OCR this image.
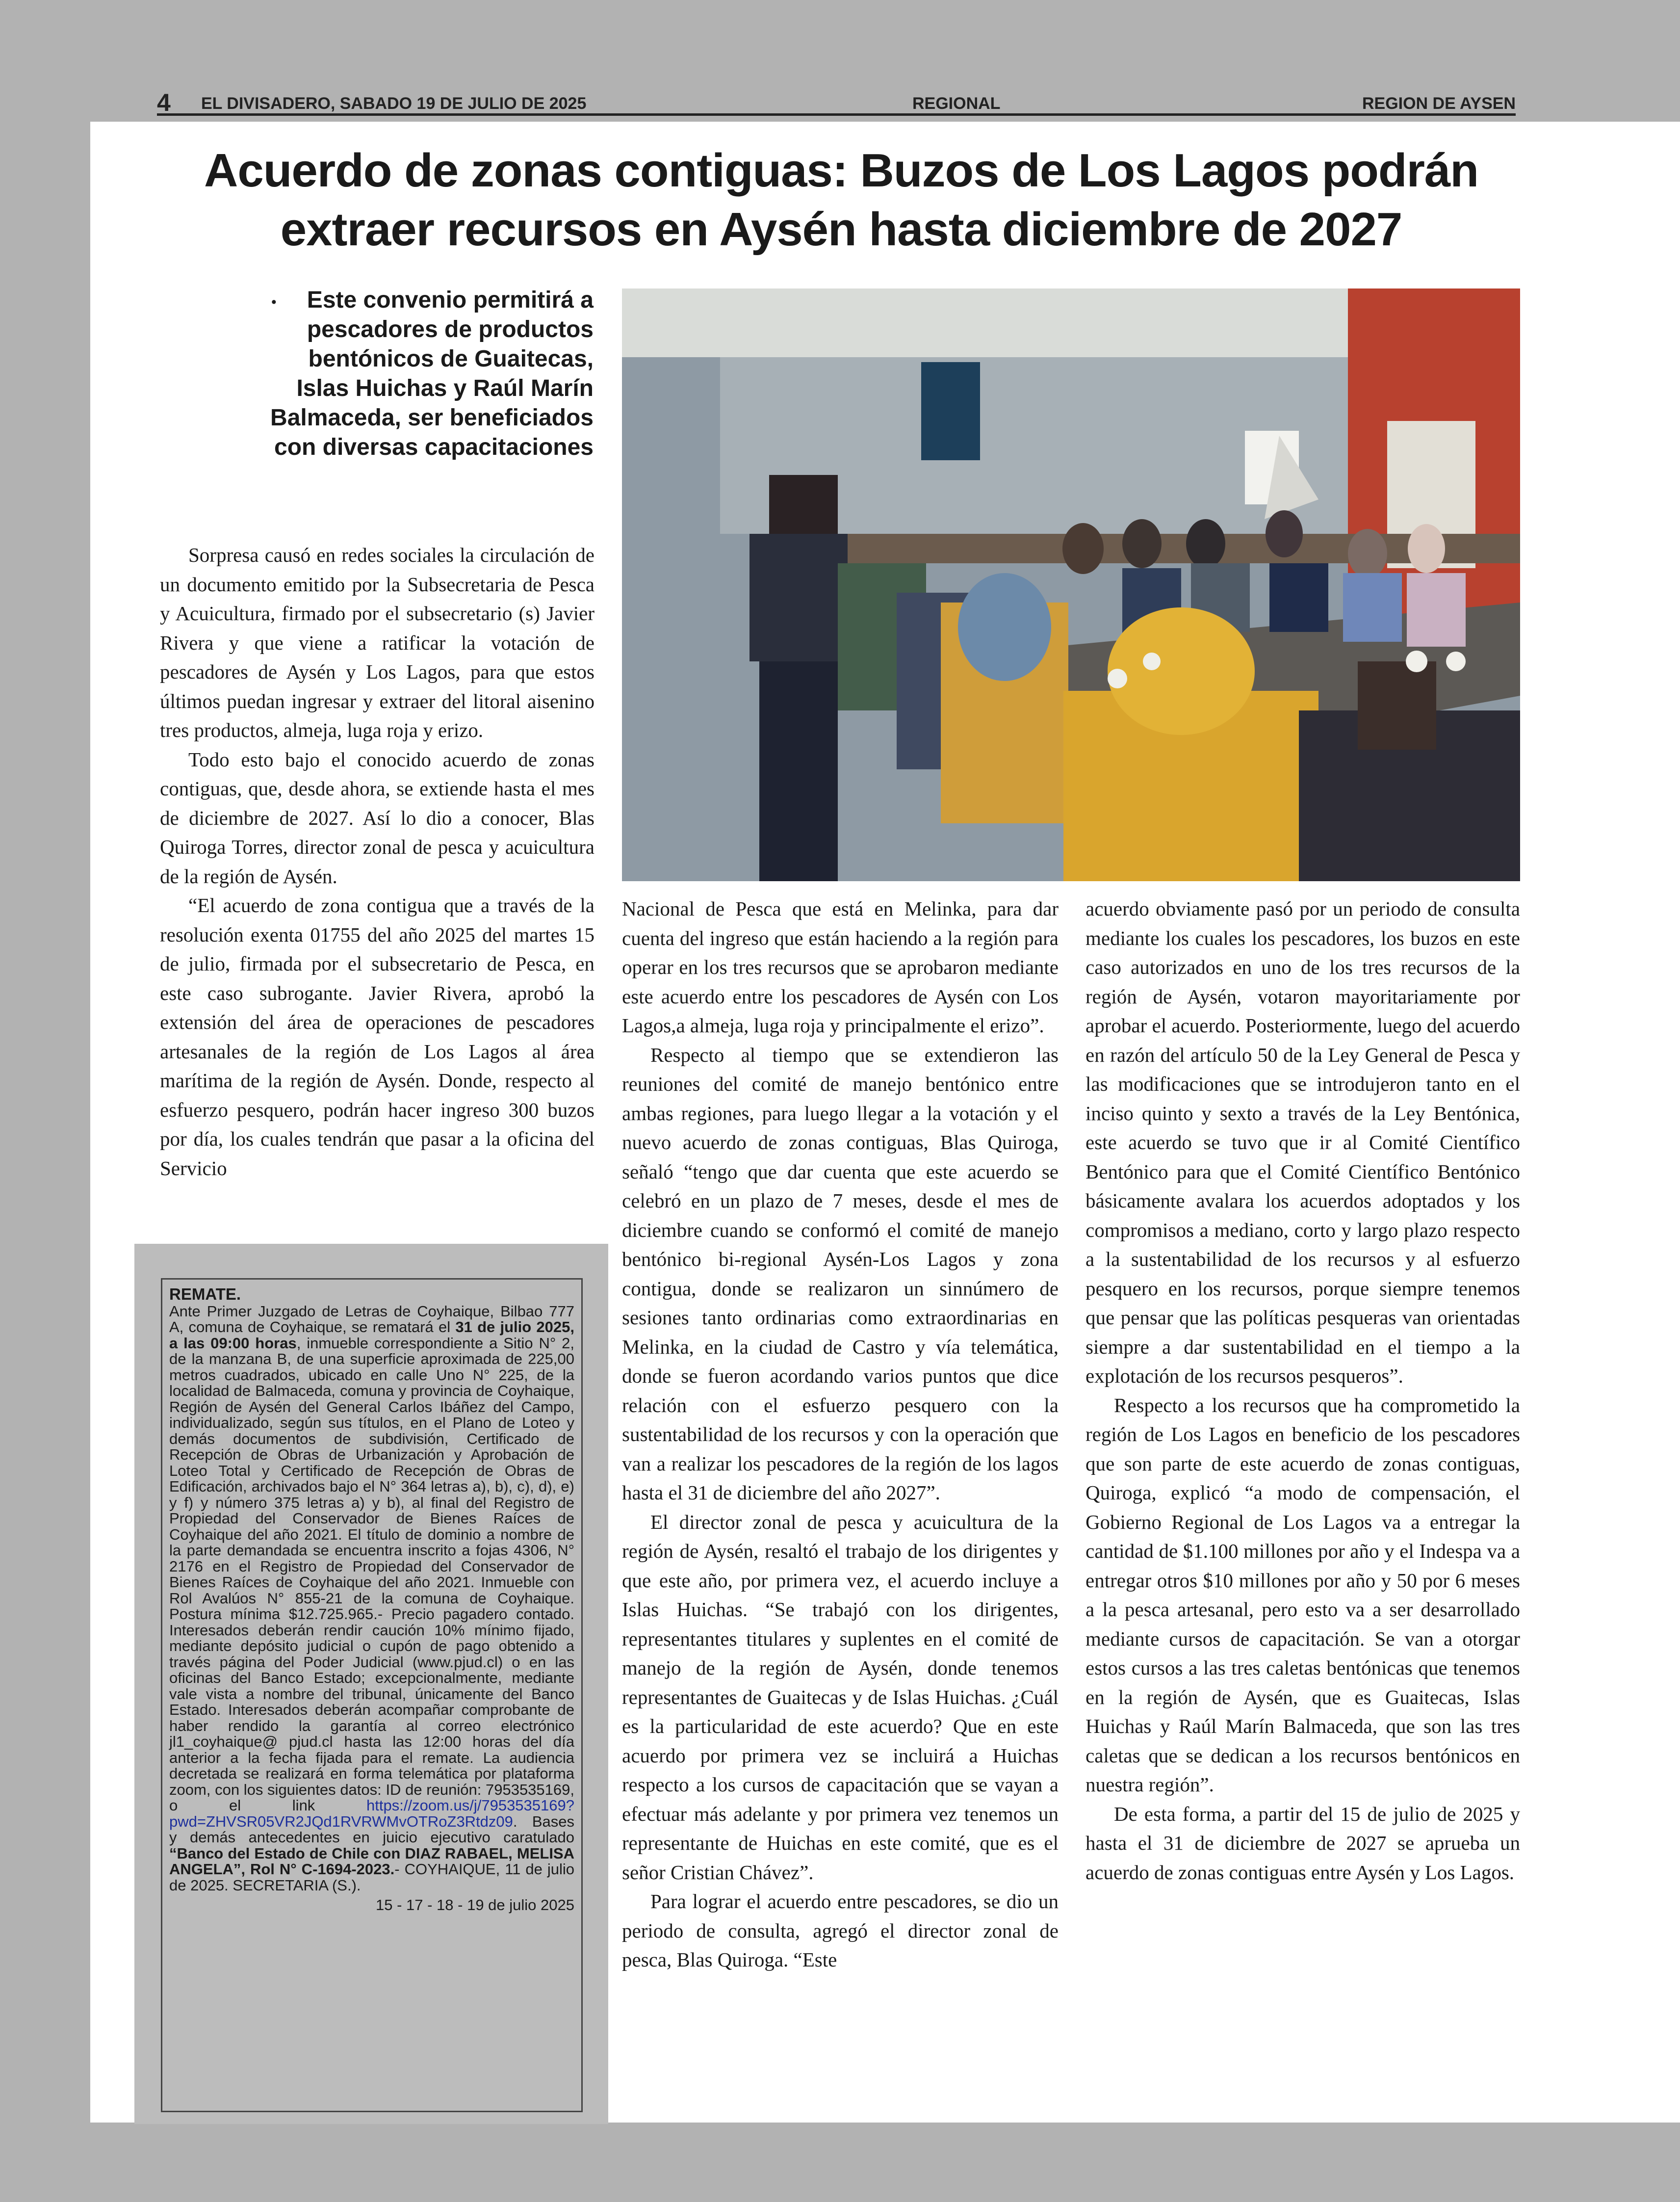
4 EL DIVISADERO, SABADO 19 DE JULIO DE 2025	REGIONAL	REGION DE AYSEN
Acuerdo de zonas contiguas: Buzos de Los Lagos podrán
extraer recursos en Aysén hasta diciembre de 2027
·	Este convenio permitirá a pescadores de productos bentónicos de Guaitecas, Islas Huichas y Raúl Marín Balmaceda, ser beneficiados con diversas capacitaciones

Sorpresa causó en redes sociales la circulación de un documento emitido por la Subsecretaria de Pesca y Acuicultura, firmado por el subsecretario (s) Javier Rivera y que viene a ratificar la votación de pescadores de Aysén y Los Lagos, para que estos últimos puedan ingresar y extraer del litoral aisenino tres productos, almeja, luga roja y erizo.

Todo esto bajo el conocido acuerdo de zonas contiguas, que, desde ahora, se extiende hasta el mes de diciembre de 2027. Así lo dio a conocer, Blas Quiroga Torres, director zonal de pesca y acuicultura de la región de Aysén.

“El acuerdo de zona contigua que a través de la resolución exenta 01755 del año 2025 del martes 15 de julio, firmada por el subsecretario de Pesca, en este caso subrogante. Javier Rivera, aprobó la extensión del área de operaciones de pescadores artesanales de la región de Los Lagos al área marítima de la región de Aysén. Donde, respecto al esfuerzo pesquero, podrán hacer ingreso 300 buzos por día, los cuales tendrán que pasar a la oficina del Servicio

Nacional de Pesca que está en Melinka, para dar cuenta del ingreso que están haciendo a la región para operar en los tres recursos que se aprobaron mediante este acuerdo entre los pescadores de Aysén con Los Lagos,a almeja, luga roja y principalmente el erizo”.

Respecto al tiempo que se extendieron las reuniones del comité de manejo bentónico entre ambas regiones, para luego llegar a la votación y el nuevo acuerdo de zonas contiguas, Blas Quiroga, señaló “tengo que dar cuenta que este acuerdo se celebró en un plazo de 7 meses, desde el mes de diciembre cuando se conformó el comité de manejo bentónico bi-regional Aysén-Los Lagos y zona contigua, donde se realizaron un sinnúmero de sesiones tanto ordinarias como extraordinarias en Melinka, en la ciudad de Castro y vía telemática, donde se fueron acordando varios puntos que dice relación con el esfuerzo pesquero con la sustentabilidad de los recursos y con la operación que van a realizar los pescadores de la región de los lagos hasta el 31 de diciembre del año 2027”.

El director zonal de pesca y acuicultura de la región de Aysén, resaltó el trabajo de los dirigentes y que este año, por primera vez, el acuerdo incluye a Islas Huichas. “Se trabajó con los dirigentes, representantes titulares y suplentes en el comité de manejo de la región de Aysén, donde tenemos representantes de Guaitecas y de Islas Huichas. ¿Cuál es la particularidad de este acuerdo? Que en este acuerdo por primera vez se incluirá a Huichas respecto a los cursos de capacitación que se vayan a efectuar más adelante y por primera vez tenemos un representante de Huichas en este comité, que es el señor Cristian Chávez”.

Para lograr el acuerdo entre pescadores, se dio un periodo de consulta, agregó el director zonal de pesca, Blas Quiroga. “Este

acuerdo obviamente pasó por un periodo de consulta mediante los cuales los pescadores, los buzos en este caso autorizados en uno de los tres recursos de la región de Aysén, votaron mayoritariamente por aprobar el acuerdo. Posteriormente, luego del acuerdo en razón del artículo 50 de la Ley General de Pesca y las modificaciones que se introdujeron tanto en el inciso quinto y sexto a través de la Ley Bentónica, este acuerdo se tuvo que ir al Comité Científico Bentónico para que el Comité Científico Bentónico básicamente avalara los acuerdos adoptados y los compromisos a mediano, corto y largo plazo respecto a la sustentabilidad de los recursos y al esfuerzo pesquero en los recursos, porque siempre tenemos que pensar que las políticas pesqueras van orientadas siempre a dar sustentabilidad en el tiempo a la explotación de los recursos pesqueros”.

Respecto a los recursos que ha comprometido la región de Los Lagos en beneficio de los pescadores que son parte de este acuerdo de zonas contiguas, Quiroga, explicó “a modo de compensación, el Gobierno Regional de Los Lagos va a entregar la cantidad de $1.100 millones por año y el Indespa va a entregar otros $10 millones por año y 50 por 6 meses a la pesca artesanal, pero esto va a ser desarrollado mediante cursos de capacitación. Se van a otorgar estos cursos a las tres caletas bentónicas que tenemos en la región de Aysén, que es Guaitecas, Islas Huichas y Raúl Marín Balmaceda, que son las tres caletas que se dedican a los recursos bentónicos en nuestra región”.

De esta forma, a partir del 15 de julio de 2025 y hasta el 31 de diciembre de 2027 se aprueba un acuerdo de zonas contiguas entre Aysén y Los Lagos.

REMATE.
Ante Primer Juzgado de Letras de Coyhaique, Bilbao 777 A, comuna de Coyhaique, se rematará el 31 de julio 2025, a las 09:00 horas, inmueble correspondiente a Sitio N° 2, de la manzana B, de una superficie aproximada de 225,00 metros cuadrados, ubicado en calle Uno N° 225, de la localidad de Balmaceda, comuna y provincia de Coyhaique, Región de Aysén del General Carlos Ibáñez del Campo, individualizado, según sus títulos, en el Plano de Loteo y demás documentos de subdivisión, Certificado de Recepción de Obras de Urbanización y Aprobación de Loteo Total y Certificado de Recepción de Obras de Edificación, archivados bajo el N° 364 letras a), b), c), d), e) y f) y número 375 letras a) y b), al final del Registro de Propiedad del Conservador de Bienes Raíces de Coyhaique del año 2021. El título de dominio a nombre de la parte demandada se encuentra inscrito a fojas 4306, N° 2176 en el Registro de Propiedad del Conservador de Bienes Raíces de Coyhaique del año 2021. Inmueble con Rol Avalúos N° 855-21 de la comuna de Coyhaique. Postura mínima $12.725.965.- Precio pagadero contado. Interesados deberán rendir caución 10% mínimo fijado, mediante depósito judicial o cupón de pago obtenido a través página del Poder Judicial (www.pjud.cl) o en las oficinas del Banco Estado; excepcionalmente, mediante vale vista a nombre del tribunal, únicamente del Banco Estado. Interesados deberán acompañar comprobante de haber rendido la garantía al correo electrónico jl1_coyhaique@ pjud.cl hasta las 12:00 horas del día anterior a la fecha fijada para el remate. La audiencia decretada se realizará en forma telemática por plataforma zoom, con los siguientes datos: ID de reunión: 7953535169, o el link https://zoom.us/j/7953535169?pwd=ZHVSR05VR2JQd1RVRWMvOTRoZ3Rtdz09. Bases y demás antecedentes en juicio ejecutivo caratulado “Banco del Estado de Chile con DIAZ RABAEL, MELISA ANGELA”, Rol N° C-1694-2023.- COYHAIQUE, 11 de julio de 2025. SECRETARIA (S.).
15 - 17 - 18 - 19 de julio 2025
